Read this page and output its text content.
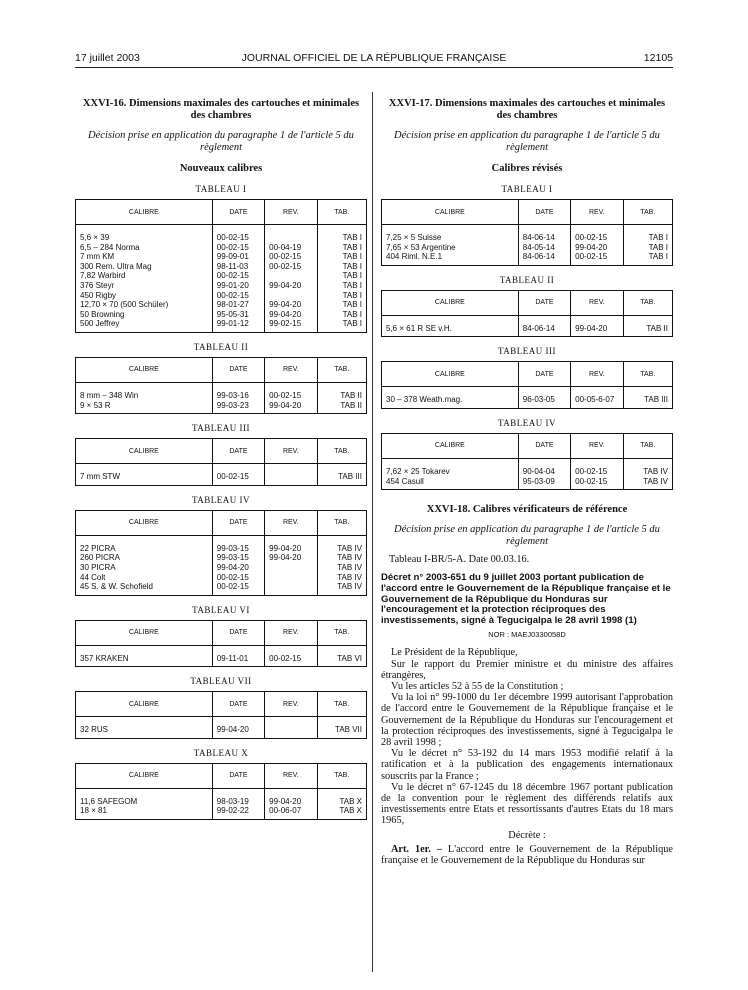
17 juillet 2003	JOURNAL OFFICIEL DE LA RÉPUBLIQUE FRANÇAISE	12105
XXVI-16. Dimensions maximales des cartouches et minimales des chambres
Décision prise en application du paragraphe 1 de l'article 5 du règlement
Nouveaux calibres
TABLEAU I
CALIBRE	DATE	REV.	TAB.
5,6 × 39	00-02-15		TAB I
6,5 – 284 Norma	00-02-15	00-04-19	TAB I
7 mm KM	99-09-01	00-02-15	TAB I
300 Rem. Ultra Mag	98-11-03	00-02-15	TAB I
7,82 Warbird	00-02-15		TAB I
376 Steyr	99-01-20	99-04-20	TAB I
450 Rigby	00-02-15		TAB I
12,70 × 70 (500 Schüler)	98-01-27	99-04-20	TAB I
50 Browning	95-05-31	99-04-20	TAB I
500 Jeffrey	99-01-12	99-02-15	TAB I
TABLEAU II
CALIBRE	DATE	REV.	TAB.
8 mm – 348 Win	99-03-16	00-02-15	TAB II
9 × 53 R	99-03-23	99-04-20	TAB II
TABLEAU III
CALIBRE	DATE	REV.	TAB.
7 mm STW	00-02-15		TAB III
TABLEAU IV
CALIBRE	DATE	REV.	TAB.
22 PICRA	99-03-15	99-04-20	TAB IV
260 PICRA	99-03-15	99-04-20	TAB IV
30 PICRA	99-04-20		TAB IV
44 Colt	00-02-15		TAB IV
45 S. & W. Schofield	00-02-15		TAB IV
TABLEAU VI
CALIBRE	DATE	REV.	TAB.
357 KRAKEN	09-11-01	00-02-15	TAB VI
TABLEAU VII
CALIBRE	DATE	REV.	TAB.
32 RUS	99-04-20		TAB VII
TABLEAU X
CALIBRE	DATE	REV.	TAB.
11,6 SAFEGOM	98-03-19	99-04-20	TAB X
18 × 81	99-02-22	00-06-07	TAB X
XXVI-17. Dimensions maximales des cartouches et minimales des chambres
Décision prise en application du paragraphe 1 de l'article 5 du règlement
Calibres révisés
TABLEAU I
CALIBRE	DATE	REV.	TAB.
7,25 × 5 Suisse	84-06-14	00-02-15	TAB I
7,65 × 53 Argentine	84-05-14	99-04-20	TAB I
404 Riml. N.E.1	84-06-14	00-02-15	TAB I
TABLEAU II
CALIBRE	DATE	REV.	TAB.
5,6 × 61 R SE v.H.	84-06-14	99-04-20	TAB II
TABLEAU III
CALIBRE	DATE	REV.	TAB.
30 – 378 Weath.mag.	96-03-05	00-05-6-07	TAB III
TABLEAU IV
CALIBRE	DATE	REV.	TAB.
7,62 × 25 Tokarev	90-04-04	00-02-15	TAB IV
454 Casull	95-03-09	00-02-15	TAB IV
XXVI-18. Calibres vérificateurs de référence
Décision prise en application du paragraphe 1 de l'article 5 du règlement
Tableau I-BR/5-A. Date 00.03.16.
Décret n° 2003-651 du 9 juillet 2003 portant publication de l'accord entre le Gouvernement de la République française et le Gouvernement de la République du Honduras sur l'encouragement et la protection réciproques des investissements, signé à Tegucigalpa le 28 avril 1998 (1)
NOR : MAEJ0330058D

Le Président de la République,

Sur le rapport du Premier ministre et du ministre des affaires étrangères,

Vu les articles 52 à 55 de la Constitution ;

Vu la loi n° 99-1000 du 1er décembre 1999 autorisant l'approbation de l'accord entre le Gouvernement de la République française et le Gouvernement de la République du Honduras sur l'encouragement et la protection réciproques des investissements, signé à Tegucigalpa le 28 avril 1998 ;

Vu le décret n° 53-192 du 14 mars 1953 modifié relatif à la ratification et à la publication des engagements internationaux souscrits par la France ;

Vu le décret n° 67-1245 du 18 décembre 1967 portant publication de la convention pour le règlement des différends relatifs aux investissements entre Etats et ressortissants d'autres Etats du 18 mars 1965,

Décrète :
Art. 1er. – L'accord entre le Gouvernement de la République française et le Gouvernement de la République du Honduras sur
